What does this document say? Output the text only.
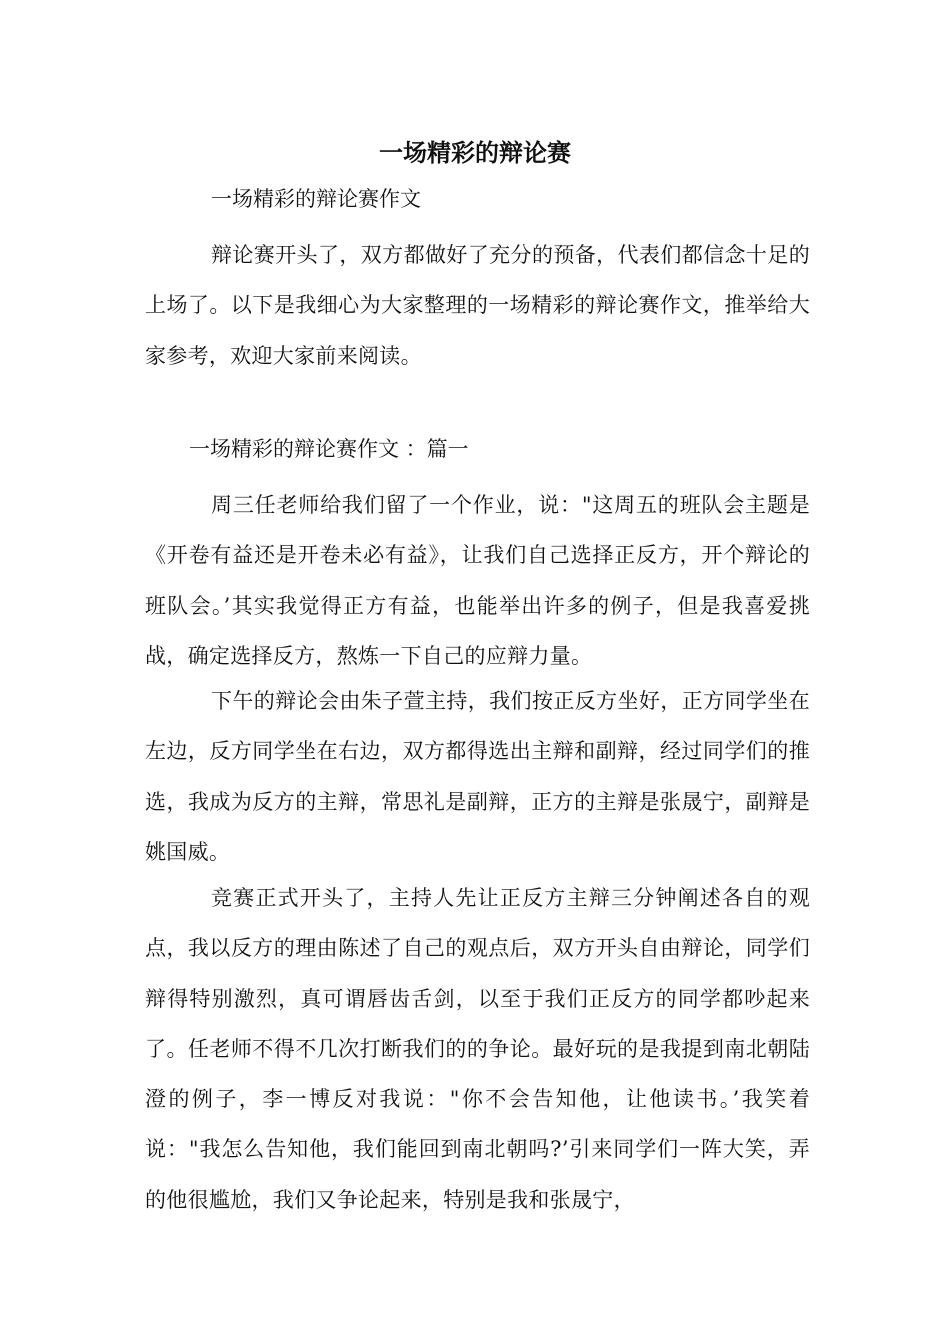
一场精彩的辩论赛

一场精彩的辩论赛作文

辩论赛开头了，双方都做好了充分的预备，代表们都信念十足的上场了。以下是我细心为大家整理的一场精彩的辩论赛作文，推举给大家参考，欢迎大家前来阅读。

一场精彩的辩论赛作文 ：篇一

周三任老师给我们留了一个作业，说："这周五的班队会主题是《开卷有益还是开卷未必有益》，让我们自己选择正反方，开个辩论的班队会。’其实我觉得正方有益，也能举出许多的例子，但是我喜爱挑战，确定选择反方，熬炼一下自己的应辩力量。

下午的辩论会由朱子萱主持，我们按正反方坐好，正方同学坐在左边，反方同学坐在右边，双方都得选出主辩和副辩，经过同学们的推选，我成为反方的主辩，常思礼是副辩，正方的主辩是张晟宁，副辩是姚国威。

竞赛正式开头了，主持人先让正反方主辩三分钟阐述各自的观点，我以反方的理由陈述了自己的观点后，双方开头自由辩论，同学们辩得特别激烈，真可谓唇齿舌剑，以至于我们正反方的同学都吵起来了。任老师不得不几次打断我们的的争论。最好玩的是我提到南北朝陆澄的例子，李一博反对我说："你不会告知他，让他读书。’我笑着说："我怎么告知他，我们能回到南北朝吗?’引来同学们一阵大笑，弄的他很尴尬，我们又争论起来，特别是我和张晟宁，
